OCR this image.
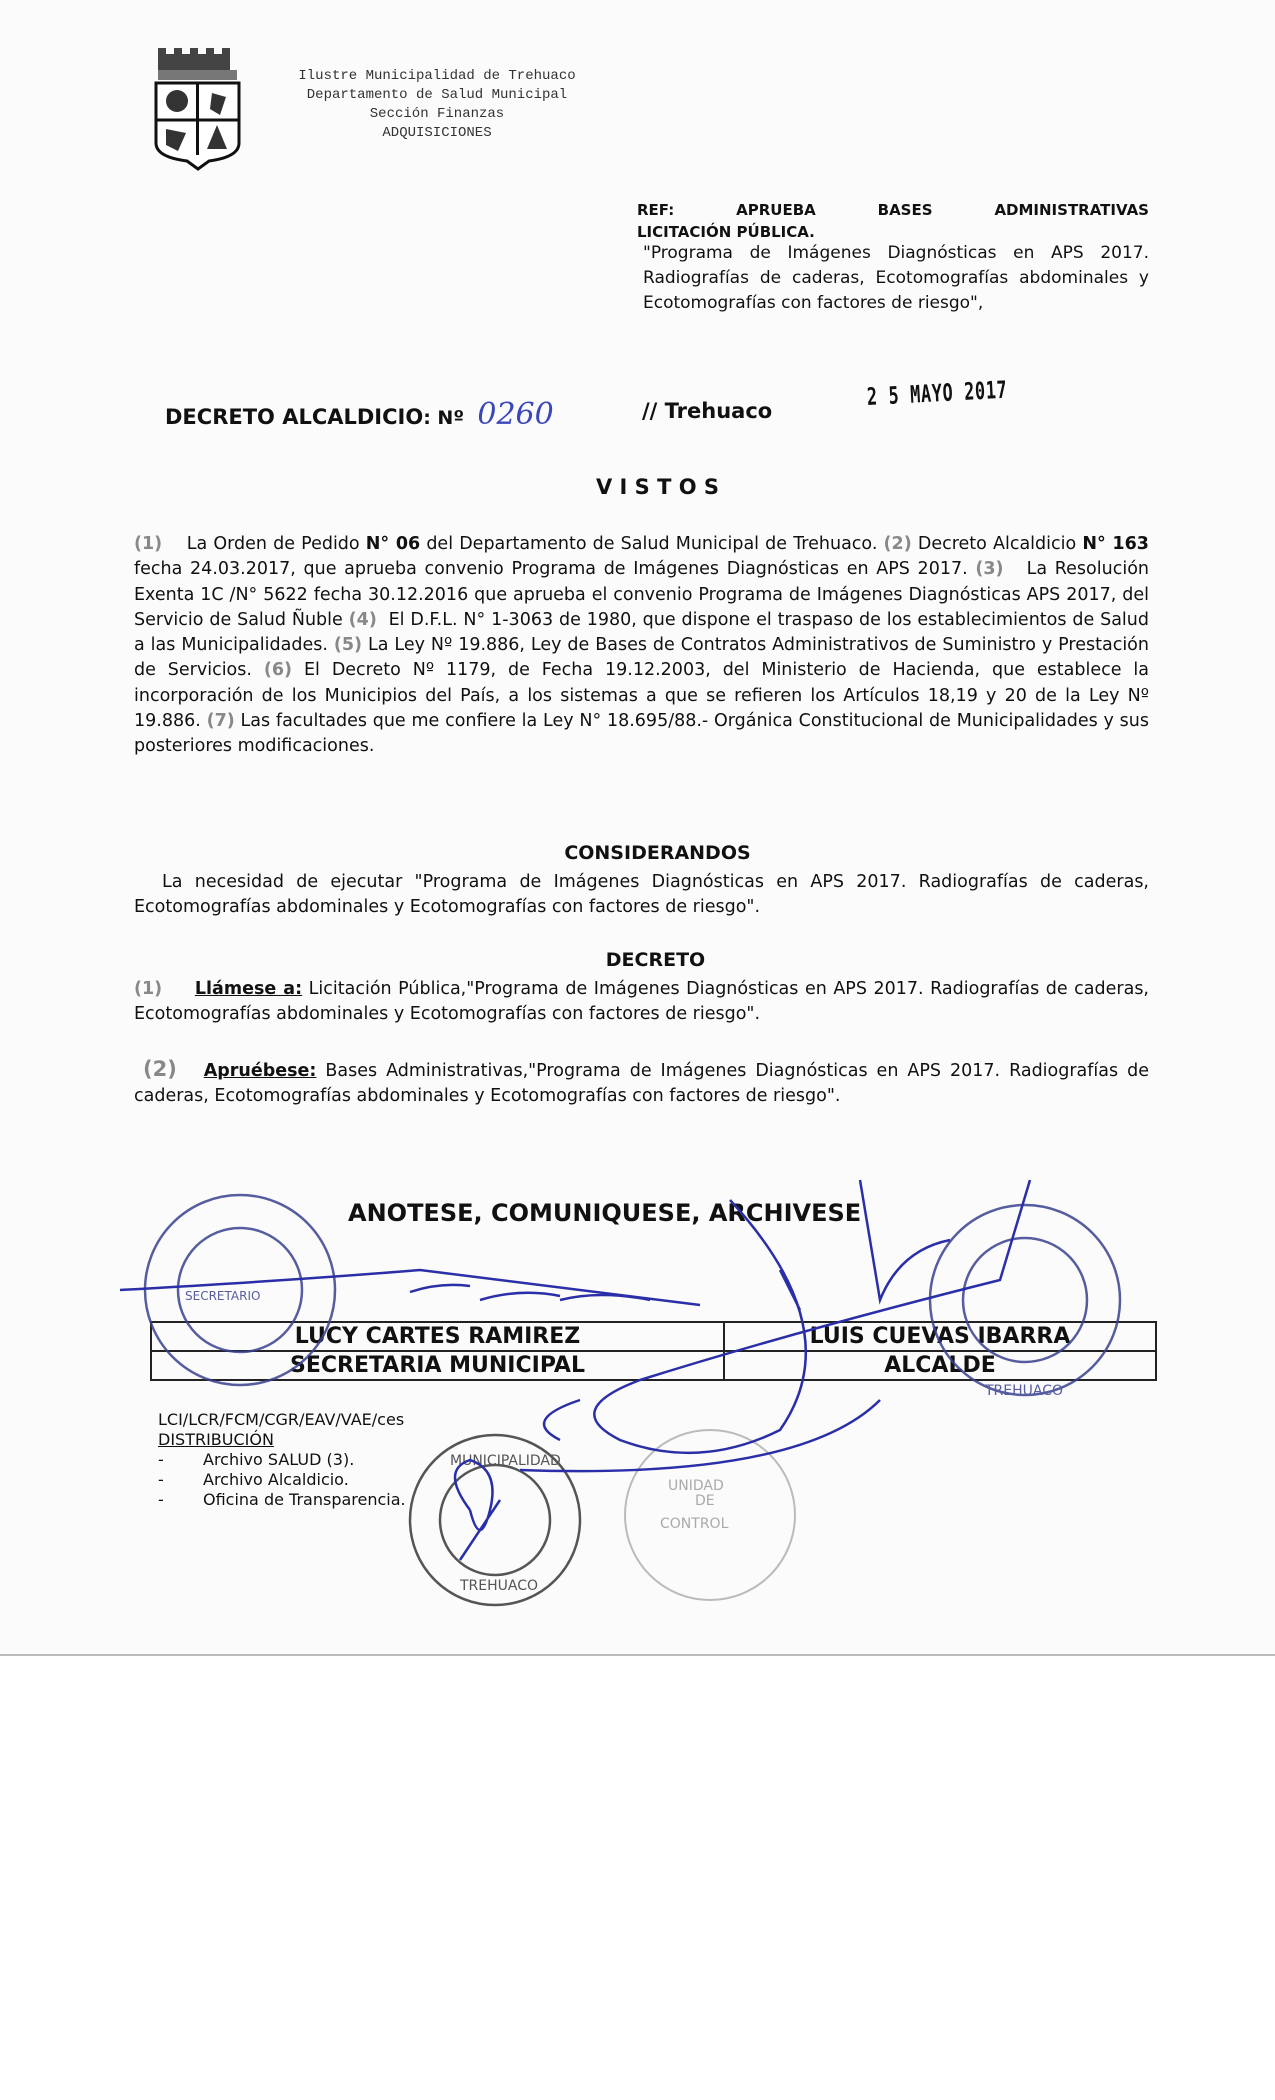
Ilustre Municipalidad de Trehuaco
Departamento de Salud Municipal
Sección Finanzas
ADQUISICIONES
REF:	APRUEBA	BASES	ADMINISTRATIVAS
LICITACIÓN PÚBLICA.
"Programa de Imágenes Diagnósticas en APS 2017. Radiografías de caderas, Ecotomografías abdominales y Ecotomografías con factores de riesgo",
DECRETO ALCALDICIO: Nº 0260	// Trehuaco
2 5 MAYO 2017
V I S T O S
(1) La Orden de Pedido N° 06 del Departamento de Salud Municipal de Trehuaco. (2) Decreto Alcaldicio N° 163 fecha 24.03.2017, que aprueba convenio Programa de Imágenes Diagnósticas en APS 2017. (3) La Resolución Exenta 1C /N° 5622 fecha 30.12.2016 que aprueba el convenio Programa de Imágenes Diagnósticas APS 2017, del Servicio de Salud Ñuble (4) El D.F.L. N° 1-3063 de 1980, que dispone el traspaso de los establecimientos de Salud a las Municipalidades. (5) La Ley Nº 19.886, Ley de Bases de Contratos Administrativos de Suministro y Prestación de Servicios. (6) El Decreto Nº 1179, de Fecha 19.12.2003, del Ministerio de Hacienda, que establece la incorporación de los Municipios del País, a los sistemas a que se refieren los Artículos 18,19 y 20 de la Ley Nº 19.886. (7) Las facultades que me confiere la Ley N° 18.695/88.- Orgánica Constitucional de Municipalidades y sus posteriores modificaciones.
CONSIDERANDOS
La necesidad de ejecutar "Programa de Imágenes Diagnósticas en APS 2017. Radiografías de caderas, Ecotomografías abdominales y Ecotomografías con factores de riesgo".
DECRETO
(1) Llámese a: Licitación Pública,"Programa de Imágenes Diagnósticas en APS 2017. Radiografías de caderas, Ecotomografías abdominales y Ecotomografías con factores de riesgo".
(2) Apruébese: Bases Administrativas,"Programa de Imágenes Diagnósticas en APS 2017. Radiografías de caderas, Ecotomografías abdominales y Ecotomografías con factores de riesgo".
ANOTESE, COMUNIQUESE, ARCHIVESE
LUCY CARTES RAMIREZ	LUIS CUEVAS IBARRA
SECRETARIA MUNICIPAL	ALCALDE
LCI/LCR/FCM/CGR/EAV/VAE/ces
DISTRIBUCIÓN
- Archivo SALUD (3).
- Archivo Alcaldicio.
- Oficina de Transparencia.
SECRETARIO
TREHUACO
MUNICIPALIDAD
TREHUACO
UNIDAD
DE
CONTROL
